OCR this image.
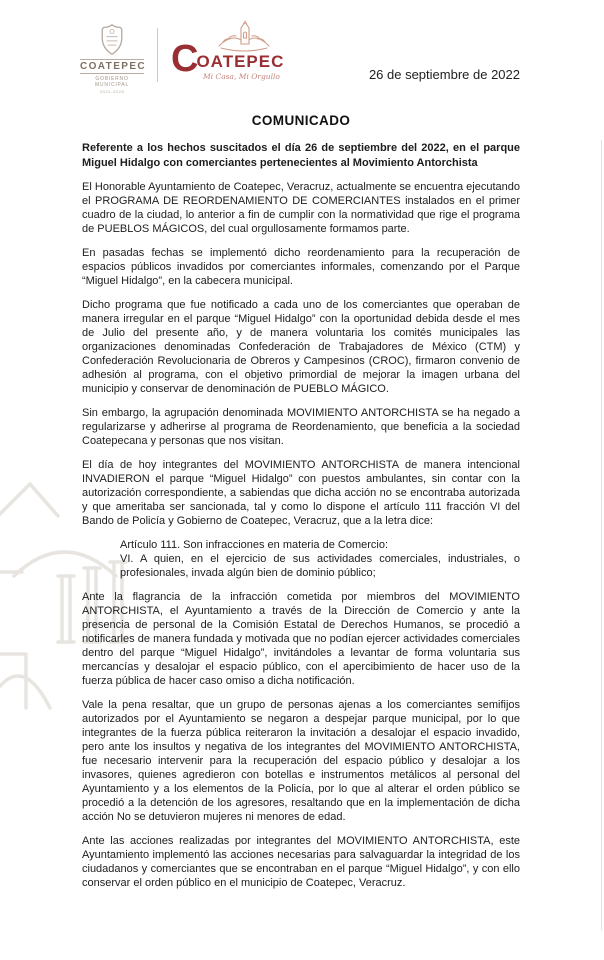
COATEPEC
GOBIERNO MUNICIPAL
2022-2025
COATEPEC
Mi Casa, Mi Orgullo	26 de septiembre de 2022
COMUNICADO

Referente a los hechos suscitados el día 26 de septiembre del 2022, en el parque Miguel Hidalgo con comerciantes pertenecientes al Movimiento Antorchista

El Honorable Ayuntamiento de Coatepec, Veracruz, actualmente se encuentra ejecutando el PROGRAMA DE REORDENAMIENTO DE COMERCIANTES instalados en el primer cuadro de la ciudad, lo anterior a fin de cumplir con la normatividad que rige el programa de PUEBLOS MÁGICOS, del cual orgullosamente formamos parte.

En pasadas fechas se implementó dicho reordenamiento para la recuperación de espacios públicos invadidos por comerciantes informales, comenzando por el Parque “Miguel Hidalgo”, en la cabecera municipal.

Dicho programa que fue notificado a cada uno de los comerciantes que operaban de manera irregular en el parque “Miguel Hidalgo” con la oportunidad debida desde el mes de Julio del presente año, y de manera voluntaria los comités municipales las organizaciones denominadas Confederación de Trabajadores de México (CTM) y Confederación Revolucionaria de Obreros y Campesinos (CROC), firmaron convenio de adhesión al programa, con el objetivo primordial de mejorar la imagen urbana del municipio y conservar de denominación de PUEBLO MÁGICO.

Sin embargo, la agrupación denominada MOVIMIENTO ANTORCHISTA se ha negado a regularizarse y adherirse al programa de Reordenamiento, que beneficia a la sociedad Coatepecana y personas que nos visitan.

El día de hoy integrantes del MOVIMIENTO ANTORCHISTA de manera intencional INVADIERON el parque “Miguel Hidalgo” con puestos ambulantes, sin contar con la autorización correspondiente, a sabiendas que dicha acción no se encontraba autorizada y que ameritaba ser sancionada, tal y como lo dispone el artículo 111 fracción VI del Bando de Policía y Gobierno de Coatepec, Veracruz, que a la letra dice:

Artículo 111. Son infracciones en materia de Comercio:

VI. A quien, en el ejercicio de sus actividades comerciales, industriales, o profesionales, invada algún bien de dominio público;

Ante la flagrancia de la infracción cometida por miembros del MOVIMIENTO ANTORCHISTA, el Ayuntamiento a través de la Dirección de Comercio y ante la presencia de personal de la Comisión Estatal de Derechos Humanos, se procedió a notificarles de manera fundada y motivada que no podían ejercer actividades comerciales dentro del parque “Miguel Hidalgo”, invitándoles a levantar de forma voluntaria sus mercancías y desalojar el espacio público, con el apercibimiento de hacer uso de la fuerza pública de hacer caso omiso a dicha notificación.

Vale la pena resaltar, que un grupo de personas ajenas a los comerciantes semifijos autorizados por el Ayuntamiento se negaron a despejar parque municipal, por lo que integrantes de la fuerza pública reiteraron la invitación a desalojar el espacio invadido, pero ante los insultos y negativa de los integrantes del MOVIMIENTO ANTORCHISTA, fue necesario intervenir para la recuperación del espacio público y desalojar a los invasores, quienes agredieron con botellas e instrumentos metálicos al personal del Ayuntamiento y a los elementos de la Policía, por lo que al alterar el orden público se procedió a la detención de los agresores, resaltando que en la implementación de dicha acción No se detuvieron mujeres ni menores de edad.

Ante las acciones realizadas por integrantes del MOVIMIENTO ANTORCHISTA, este Ayuntamiento implementó las acciones necesarias para salvaguardar la integridad de los ciudadanos y comerciantes que se encontraban en el parque “Miguel Hidalgo”, y con ello conservar el orden público en el municipio de Coatepec, Veracruz.
